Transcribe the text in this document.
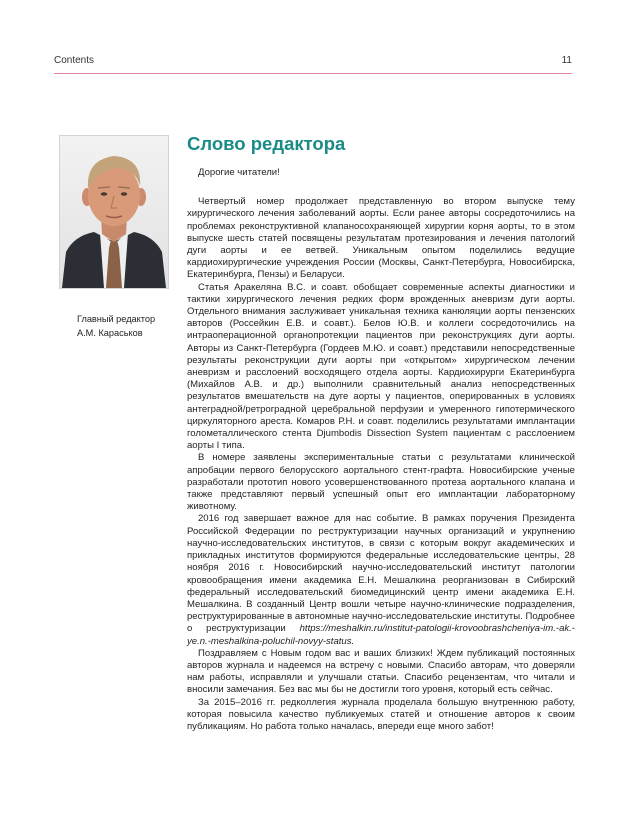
Contents	11
Главный редактор
А.М. Караськов
Слово редактора

Дорогие читатели!

Четвертый номер продолжает представленную во втором выпуске тему хирургического лечения заболеваний аорты. Если ранее авторы сосредоточились на проблемах реконструктивной клапаносохраняющей хирургии корня аорты, то в этом выпуске шесть статей посвящены результатам протезирования и лечения патологий дуги аорты и ее ветвей. Уникальным опытом поделились ведущие кардиохирургические учреждения России (Москвы, Санкт-Петербурга, Новосибирска, Екатеринбурга, Пензы) и Беларуси.

Статья Аракеляна В.С. и соавт. обобщает современные аспекты диагностики и тактики хирургического лечения редких форм врожденных аневризм дуги аорты. Отдельного внимания заслуживает уникальная техника канюляции аорты пензенских авторов (Россейкин Е.В. и соавт.). Белов Ю.В. и коллеги сосредоточились на интраоперационной органопротекции пациентов при реконструкциях дуги аорты. Авторы из Санкт-Петербурга (Гордеев М.Ю. и соавт.) представили непосредственные результаты реконструкции дуги аорты при «открытом» хирургическом лечении аневризм и расслоений восходящего отдела аорты. Кардиохирурги Екатеринбурга (Михайлов А.В. и др.) выполнили сравнительный анализ непосредственных результатов вмешательств на дуге аорты у пациентов, оперированных в условиях антеградной/ретроградной церебральной перфузии и умеренного гипотермического циркуляторного ареста. Комаров Р.Н. и соавт. поделились результатами имплантации голометаллического стента Djumbodis Dissection System пациентам с расслоением аорты I типа.

В номере заявлены экспериментальные статьи с результатами клинической апробации первого белорусского аортального стент-графта. Новосибирские ученые разработали прототип нового усовершенствованного протеза аортального клапана и также представляют первый успешный опыт его имплантации лабораторному животному.

2016 год завершает важное для нас событие. В рамках поручения Президента Российской Федерации по реструктуризации научных организаций и укрупнению научно-исследовательских институтов, в связи с которым вокруг академических и прикладных институтов формируются федеральные исследовательские центры, 28 ноября 2016 г. Новосибирский научно-исследовательский институт патологии кровообращения имени академика Е.Н. Мешалкина реорганизован в Сибирский федеральный исследовательский биомедицинский центр имени академика Е.Н. Мешалкина. В созданный Центр вошли четыре научно-клинические подразделения, реструктурированные в автономные научно-исследовательские институты. Подробнее о реструктуризации https://meshalkin.ru/institut-patologii-krovoobrashcheniya-im.-ak.-ye.n.-meshalkina-poluchil-novyy-status.

Поздравляем с Новым годом вас и ваших близких! Ждем публикаций постоянных авторов журнала и надеемся на встречу с новыми. Спасибо авторам, что доверяли нам работы, исправляли и улучшали статьи. Спасибо рецензентам, что читали и вносили замечания. Без вас мы бы не достигли того уровня, который есть сейчас.

За 2015–2016 гг. редколлегия журнала проделала большую внутреннюю работу, которая повысила качество публикуемых статей и отношение авторов к своим публикациям. Но работа только началась, впереди еще много забот!
